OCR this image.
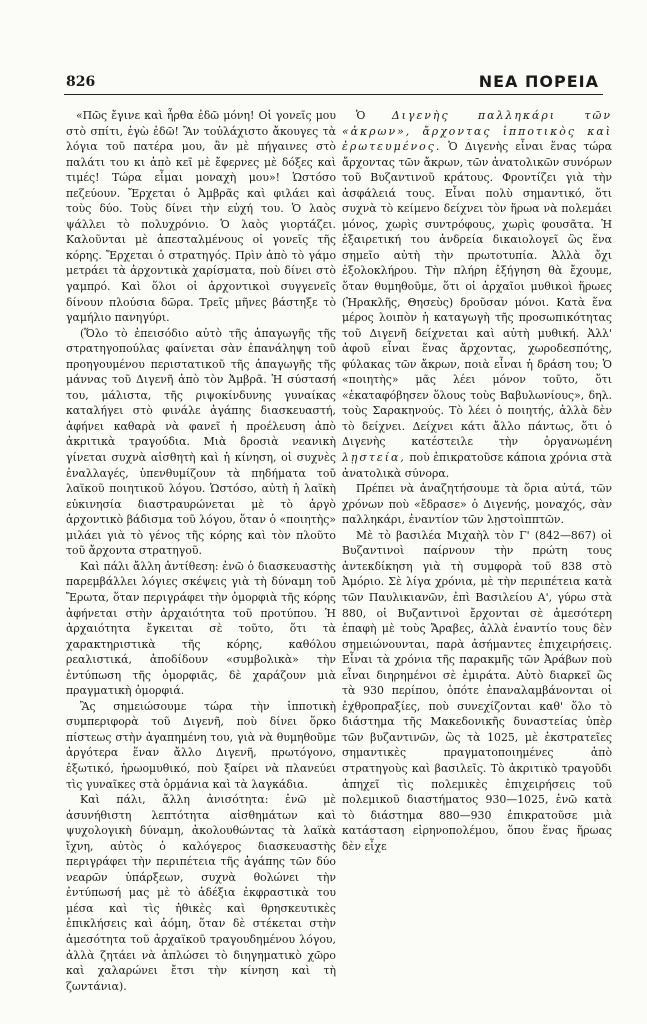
826	ΝΕΑ ΠΟΡΕΙΑ

«Πῶς ἔγινε καὶ ἦρθα ἐδῶ μόνη! Οἱ γονεῖς μου στὸ σπίτι, ἐγὼ ἐδῶ! Ἂν τοὐλάχιστο ἄκουγες τὰ λόγια τοῦ πατέρα μου, ἂν μὲ πήγαινες στὸ παλάτι του κι ἀπὸ κεῖ μὲ ἔφερνες μὲ δόξες καὶ τιμές! Τώρα εἶμαι μοναχὴ μου»! Ὡστόσο πεζεύουν. Ἔρχεται ὁ Ἀμβρᾶς καὶ φιλάει καὶ τοὺς δύο. Τοὺς δίνει τὴν εὐχή του. Ὁ λαὸς ψάλλει τὸ πολυχρόνιο. Ὁ λαὸς γιορτάζει. Καλοῦνται μὲ ἀπεσταλμένους οἱ γονεῖς τῆς κόρης. Ἔρχεται ὁ στρατηγός. Πρὶν ἀπὸ τὸ γάμο μετράει τὰ ἀρχοντικὰ χαρίσματα, ποὺ δίνει στὸ γαμπρό. Καὶ ὅλοι οἱ ἀρχοντικοὶ συγγενεῖς δίνουν πλούσια δῶρα. Τρεῖς μῆνες βάστηξε τὸ γαμήλιο πανηγύρι.

(Ὅλο τὸ ἐπεισόδιο αὐτὸ τῆς ἁπαγωγῆς τῆς στρατηγοπούλας φαίνεται σὰν ἐπανάληψη τοῦ προηγουμένου περιστατικοῦ τῆς ἁπαγωγῆς τῆς μάννας τοῦ Διγενῆ ἀπὸ τὸν Ἀμβρᾶ. Ἡ σύστασή του, μάλιστα, τῆς ριψοκίνδυνης γυναίκας καταλήγει στὸ φινάλε ἀγάπης διασκευαστή, ἀφήνει καθαρὰ νὰ φανεῖ ἡ προέλευση ἀπὸ ἀκριτικὰ τραγούδια. Μιὰ δροσιὰ νεανικὴ γίνεται συχνὰ αἰσθητὴ καὶ ἡ κίνηση, οἱ συχνὲς ἐναλλαγές, ὑπενθυμίζουν τὰ πηδήματα τοῦ λαϊκοῦ ποιητικοῦ λόγου. Ὡστόσο, αὐτὴ ἡ λαϊκὴ εὐκινησία διαστραυρώνεται μὲ τὸ ἀργὸ ἀρχοντικὸ βάδισμα τοῦ λόγου, ὅταν ὁ «ποιητὴς» μιλάει γιὰ τὸ γένος τῆς κόρης καὶ τὸν πλοῦτο τοῦ ἄρχοντα στρατηγοῦ.

Καὶ πάλι ἄλλη ἀντίθεση: ἐνῶ ὁ διασκευαστὴς παρεμβάλλει λόγιες σκέψεις γιὰ τὴ δύναμη τοῦ Ἔρωτα, ὅταν περιγράφει τὴν ὀμορφιὰ τῆς κόρης ἀφήνεται στὴν ἀρχαιότητα τοῦ προτύπου. Ἡ ἀρχαιότητα ἔγκειται σὲ τοῦτο, ὅτι τὰ χαρακτηριστικὰ τῆς κόρης, καθόλου ρεαλιστικά, ἀποδίδουν «συμβολικὰ» τὴν ἐντύπωση τῆς ὀμορφιᾶς, δὲ χαράζουν μιὰ πραγματικὴ ὀμορφιά.

Ἂς σημειώσουμε τώρα τὴν ἱπποτικὴ συμπεριφορὰ τοῦ Διγενῆ, ποὺ δίνει ὅρκο πίστεως στὴν ἀγαπημένη του, γιὰ νὰ θυμηθοῦμε ἀργότερα ἕναν ἄλλο Διγενῆ, πρωτόγονο, ἐξωτικό, ἡρωομυθικό, ποὺ ξαίρει νὰ πλανεύει τὶς γυναῖκες στὰ ὀρμάνια καὶ τὰ λαγκάδια.

Καὶ πάλι, ἄλλη ἀνισότητα: ἐνῶ μὲ ἀσυνήθιστη λεπτότητα αἰσθημάτων καὶ ψυχολογικὴ δύναμη, ἀκολουθώντας τὰ λαϊκὰ ἴχνη, αὐτὸς ὁ καλόγερος διασκευαστὴς περιγράφει τὴν περιπέτεια τῆς ἀγάπης τῶν δύο νεαρῶν ὑπάρξεων, συχνὰ θολώνει τὴν ἐντύπωσή μας μὲ τὸ ἀδέξια ἐκφραστικὰ του μέσα καὶ τὶς ἠθικὲς καὶ θρησκευτικὲς ἐπικλήσεις καὶ ἀόμη, ὅταν δὲ στέκεται στὴν ἀμεσότητα τοῦ ἀρχαϊκοῦ τραγουδημένου λόγου, ἀλλὰ ζητάει νὰ ἁπλώσει τὸ διηγηματικὸ χῶρο καὶ χαλαρώνει ἔτσι τὴν κίνηση καὶ τὴ ζωντάνια).

Ὁ Διγενὴς παλληκάρι τῶν «ἀκρων», ἄρχοντας ἱπποτικὸς καὶ ἐρωτευμένος. Ὁ Διγενὴς εἶναι ἕνας τώρα ἄρχοντας τῶν ἄκρων, τῶν ἀνατολικῶν συνόρων τοῦ Βυζαντινοῦ κράτους. Φροντίζει γιὰ τὴν ἀσφάλειά τους. Εἶναι πολὺ σημαντικό, ὅτι συχνὰ τὸ κείμενο δείχνει τὸν ἥρωα νὰ πολεμάει μόνος, χωρὶς συντρόφους, χωρὶς φουσᾶτα. Ἡ ἐξαιρετική του ἀνδρεία δικαιολογεῖ ὣς ἕνα σημεῖο αὐτὴ τὴν πρωτοτυπία. Ἀλλὰ ὄχι ἐξολοκλήρου. Τὴν πλήρη ἐξήγηση θὰ ἔχουμε, ὅταν θυμηθοῦμε, ὅτι οἱ ἀρχαῖοι μυθικοὶ ἥρωες (Ἡρακλῆς, Θησεὺς) δροῦσαν μόνοι. Κατὰ ἕνα μέρος λοιπὸν ἡ καταγωγὴ τῆς προσωπικότητας τοῦ Διγενῆ δείχνεται καὶ αὐτὴ μυθική. Ἀλλ' ἀφοῦ εἶναι ἕνας ἄρχοντας, χωροδεσπότης, φύλακας τῶν ἄκρων, ποιὰ εἶναι ἡ δράση του; Ὁ «ποιητὴς» μᾶς λέει μόνον τοῦτο, ὅτι «ἐκαταφόβησεν ὅλους τοὺς Βαβυλωνίους», δηλ. τοὺς Σαρακηνούς. Τὸ λέει ὁ ποιητής, ἀλλὰ δὲν τὸ δείχνει. Δείχνει κάτι ἄλλο πάντως, ὅτι ὁ Διγενὴς κατέστειλε τὴν ὀργανωμένη λῃστεία, ποὺ ἐπικρατοῦσε κάποια χρόνια στὰ ἀνατολικὰ σύνορα.

Πρέπει νὰ ἀναζητήσουμε τὰ ὅρια αὐτά, τῶν χρόνων ποὺ «ἔδρασε» ὁ Διγενής, μοναχός, σὰν παλληκάρι, ἐναντίον τῶν λῃστοὶππτῶν.

Μὲ τὸ βασιλέα Μιχαὴλ τὸν Γ' (842—867) οἱ Βυζαντινοὶ παίρνουν τὴν πρώτη τους ἀντεκδίκηση γιὰ τὴ συμφορὰ τοῦ 838 στὸ Ἀμόριο. Σὲ λίγα χρόνια, μὲ τὴν περιπέτεια κατὰ τῶν Παυλικιανῶν, ἐπὶ Βασιλείου Α', γύρω στὰ 880, οἱ Βυζαντινοὶ ἔρχονται σὲ ἀμεσότερη ἐπαφὴ μὲ τοὺς Ἄραβες, ἀλλὰ ἐναντίο τους δὲν σημειώνουνται, παρὰ ἀσήμαντες ἐπιχειρήσεις. Εἶναι τὰ χρόνια τῆς παρακμῆς τῶν Ἀράβων ποὺ εἶναι διηρημένοι σὲ ἐμιράτα. Αὐτὸ διαρκεῖ ὣς τὰ 930 περίπου, ὁπότε ἐπαναλαμβάνονται οἱ ἐχθροπραξίες, ποὺ συνεχίζονται καθ' ὅλο τὸ διάστημα τῆς Μακεδονικῆς δυναστείας ὑπὲρ τῶν βυζαντινῶν, ὣς τὰ 1025, μὲ ἐκστρατεῖες σημαντικὲς πραγματοποιημένες ἀπὸ στρατηγοὺς καὶ βασιλεῖς. Τὸ ἀκριτικὸ τραγοῦδι ἀπηχεῖ τὶς πολεμικὲς ἐπιχειρήσεις τοῦ πολεμικοῦ διαστήματος 930—1025, ἐνῶ κατὰ τὸ διάστημα 880—930 ἐπικρατοῦσε μιὰ κατάσταση εἰρηνοπολέμου, ὅπου ἕνας ἥρωας δὲν εἶχε
